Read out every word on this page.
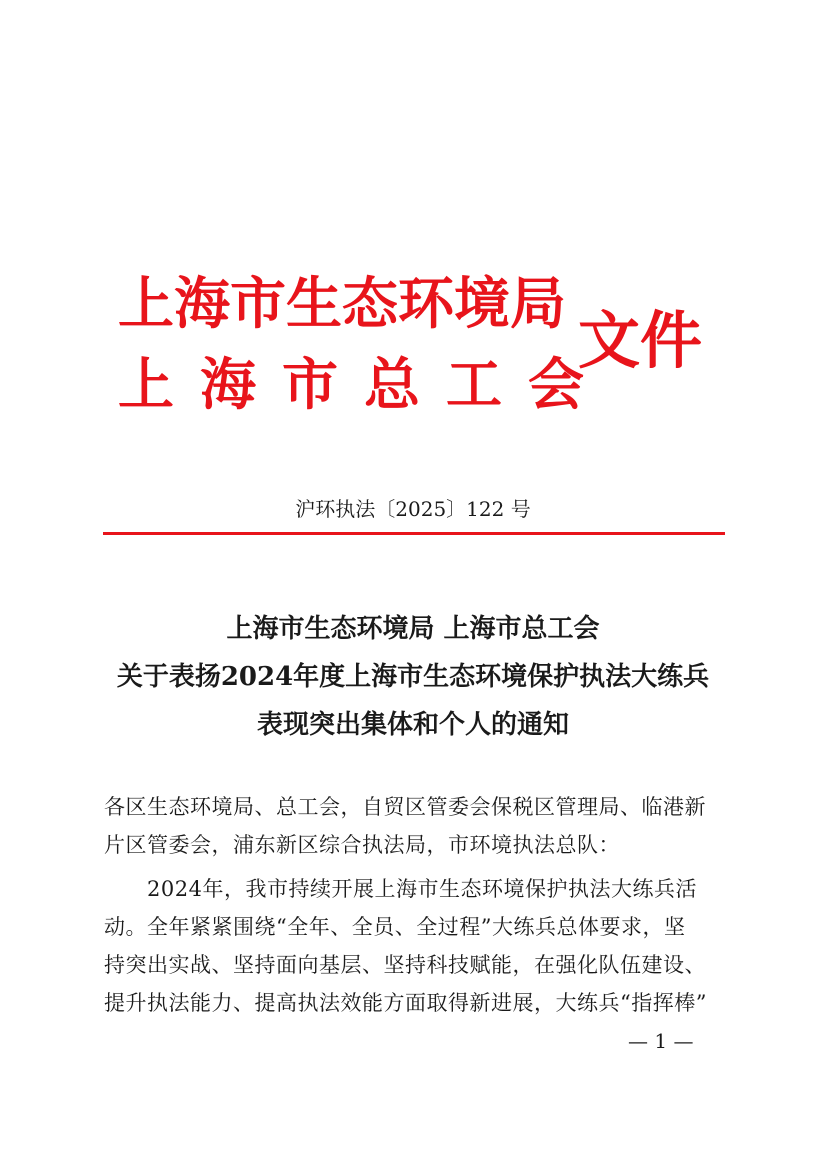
上海市生态环境局
上海市总工会
文件
沪环执法〔2025〕122 号
上海市生态环境局 上海市总工会
关于表扬2024年度上海市生态环境保护执法大练兵
表现突出集体和个人的通知
各区生态环境局、总工会，自贸区管委会保税区管理局、临港新
片区管委会，浦东新区综合执法局，市环境执法总队：
　　2024年，我市持续开展上海市生态环境保护执法大练兵活
动。全年紧紧围绕“全年、全员、全过程”大练兵总体要求，坚
持突出实战、坚持面向基层、坚持科技赋能，在强化队伍建设、
提升执法能力、提高执法效能方面取得新进展，大练兵“指挥棒”
— 1 —
